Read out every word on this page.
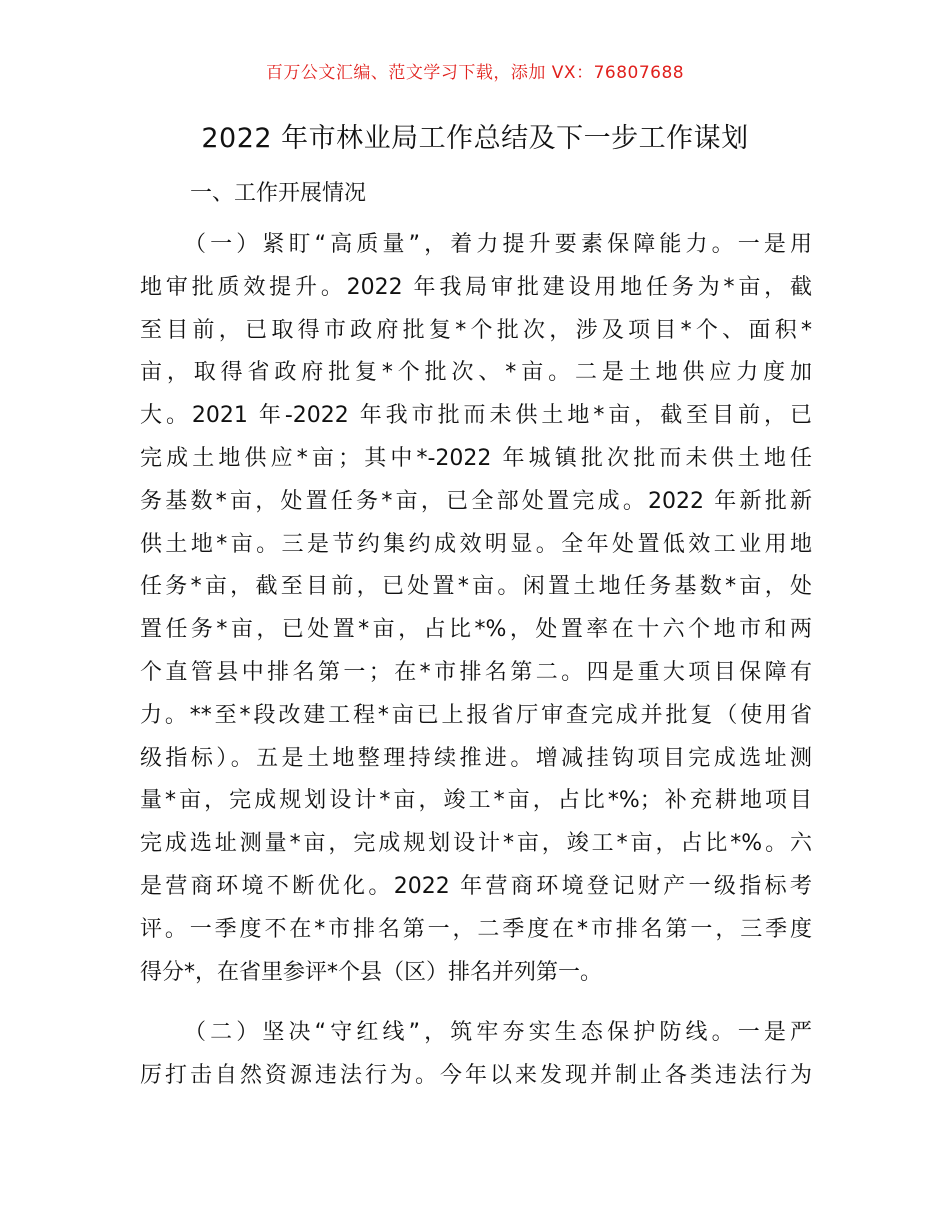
百万公文汇编、范文学习下载，添加 VX：76807688
2022 年市林业局工作总结及下一步工作谋划
一、工作开展情况
（一）紧盯“高质量”，着力提升要素保障能力。一是用
地审批质效提升。2022 年我局审批建设用地任务为*亩，截
至目前，已取得市政府批复*个批次，涉及项目*个、面积*
亩，取得省政府批复*个批次、*亩。二是土地供应力度加
大。2021 年-2022 年我市批而未供土地*亩，截至目前，已
完成土地供应*亩；其中*-2022 年城镇批次批而未供土地任
务基数*亩，处置任务*亩，已全部处置完成。2022 年新批新
供土地*亩。三是节约集约成效明显。全年处置低效工业用地
任务*亩，截至目前，已处置*亩。闲置土地任务基数*亩，处
置任务*亩，已处置*亩，占比*%，处置率在十六个地市和两
个直管县中排名第一；在*市排名第二。四是重大项目保障有
力。**至*段改建工程*亩已上报省厅审查完成并批复（使用省
级指标）。五是土地整理持续推进。增减挂钩项目完成选址测
量*亩，完成规划设计*亩，竣工*亩，占比*%；补充耕地项目
完成选址测量*亩，完成规划设计*亩，竣工*亩，占比*%。六
是营商环境不断优化。2022 年营商环境登记财产一级指标考
评。一季度不在*市排名第一，二季度在*市排名第一，三季度
得分*，在省里参评*个县（区）排名并列第一。
（二）坚决“守红线”，筑牢夯实生态保护防线。一是严
厉打击自然资源违法行为。今年以来发现并制止各类违法行为
